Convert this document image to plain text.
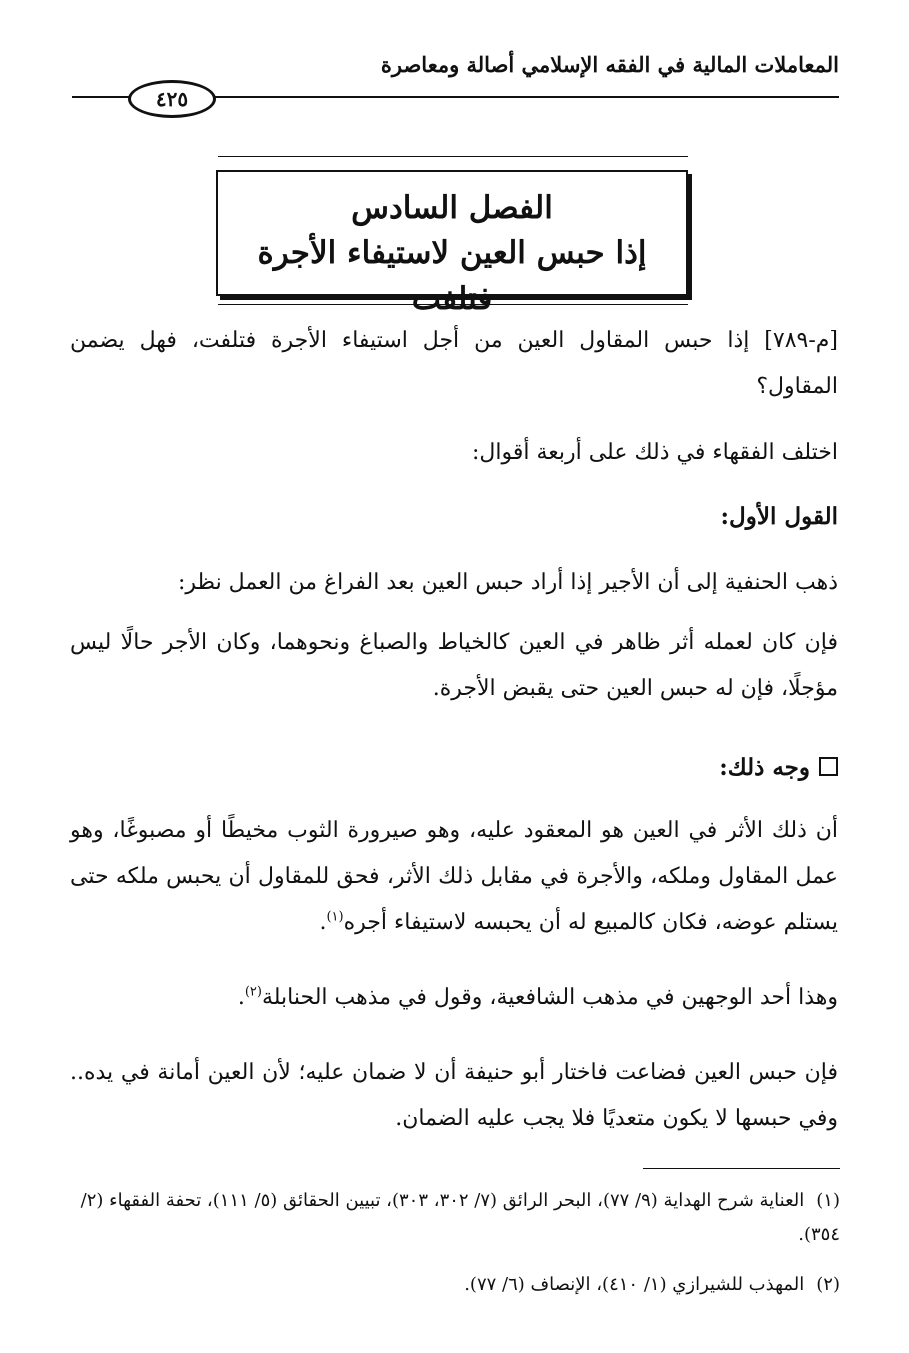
المعاملات المالية في الفقه الإسلامي أصالة ومعاصرة
٤٢٥
الفصل السادس
إذا حبس العين لاستيفاء الأجرة فتلفت
[م-٧٨٩] إذا حبس المقاول العين من أجل استيفاء الأجرة فتلفت، فهل يضمن المقاول؟
اختلف الفقهاء في ذلك على أربعة أقوال:
القول الأول:
ذهب الحنفية إلى أن الأجير إذا أراد حبس العين بعد الفراغ من العمل نظر:
فإن كان لعمله أثر ظاهر في العين كالخياط والصباغ ونحوهما، وكان الأجر حالًا ليس مؤجلًا، فإن له حبس العين حتى يقبض الأجرة.
وجه ذلك:
أن ذلك الأثر في العين هو المعقود عليه، وهو صيرورة الثوب مخيطًا أو مصبوغًا، وهو عمل المقاول وملكه، والأجرة في مقابل ذلك الأثر، فحق للمقاول أن يحبس ملكه حتى يستلم عوضه، فكان كالمبيع له أن يحبسه لاستيفاء أجره$^{(١)}$.
وهذا أحد الوجهين في مذهب الشافعية، وقول في مذهب الحنابلة$^{(٢)}$.
فإن حبس العين فضاعت فاختار أبو حنيفة أن لا ضمان عليه؛ لأن العين أمانة في يده.. وفي حبسها لا يكون متعديًا فلا يجب عليه الضمان.
(١)العناية شرح الهداية (٩/ ٧٧)، البحر الرائق (٧/ ٣٠٢، ٣٠٣)، تبيين الحقائق (٥/ ١١١)، تحفة الفقهاء (٢/ ٣٥٤).
(٢)المهذب للشيرازي (١/ ٤١٠)، الإنصاف (٦/ ٧٧).
